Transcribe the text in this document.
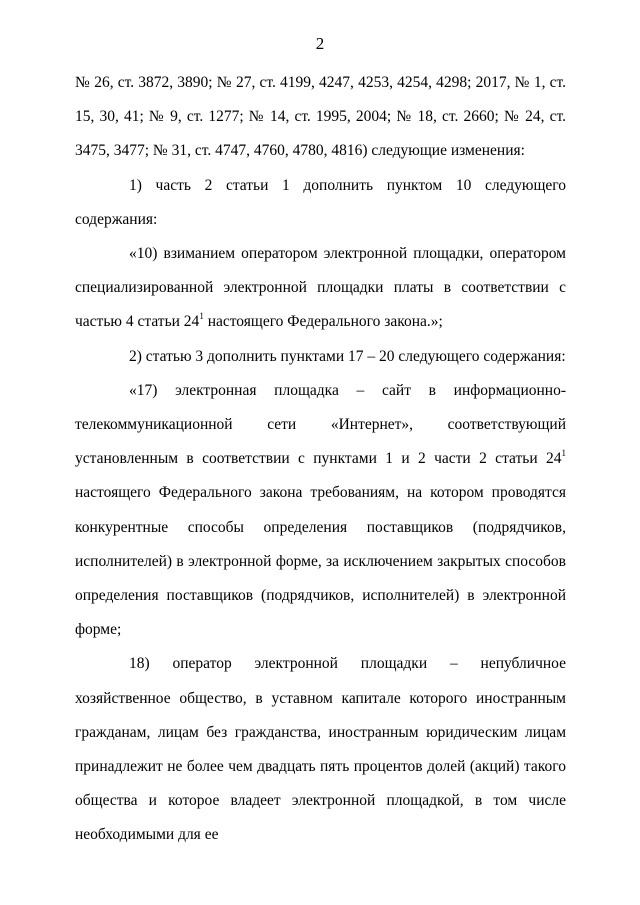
2

№ 26, ст. 3872, 3890; № 27, ст. 4199, 4247, 4253, 4254, 4298; 2017, № 1, ст. 15, 30, 41; № 9, ст. 1277; № 14, ст. 1995, 2004; № 18, ст. 2660; № 24, ст. 3475, 3477; № 31, ст. 4747, 4760, 4780, 4816) следующие изменения:

1) часть 2 статьи 1 дополнить пунктом 10 следующего содержания:

«10) взиманием оператором электронной площадки, оператором специализированной электронной площадки платы в соответствии с частью 4 статьи $24^1$ настоящего Федерального закона.»;

2) статью 3 дополнить пунктами 17 – 20 следующего содержания:

«17) электронная площадка – сайт в информационно-телекоммуникационной сети «Интернет», соответствующий установленным в соответствии с пунктами 1 и 2 части 2 статьи $24^1$ настоящего Федерального закона требованиям, на котором проводятся конкурентные способы определения поставщиков (подрядчиков, исполнителей) в электронной форме, за исключением закрытых способов определения поставщиков (подрядчиков, исполнителей) в электронной форме;

18) оператор электронной площадки – непубличное хозяйственное общество, в уставном капитале которого иностранным гражданам, лицам без гражданства, иностранным юридическим лицам принадлежит не более чем двадцать пять процентов долей (акций) такого общества и которое владеет электронной площадкой, в том числе необходимыми для ее
